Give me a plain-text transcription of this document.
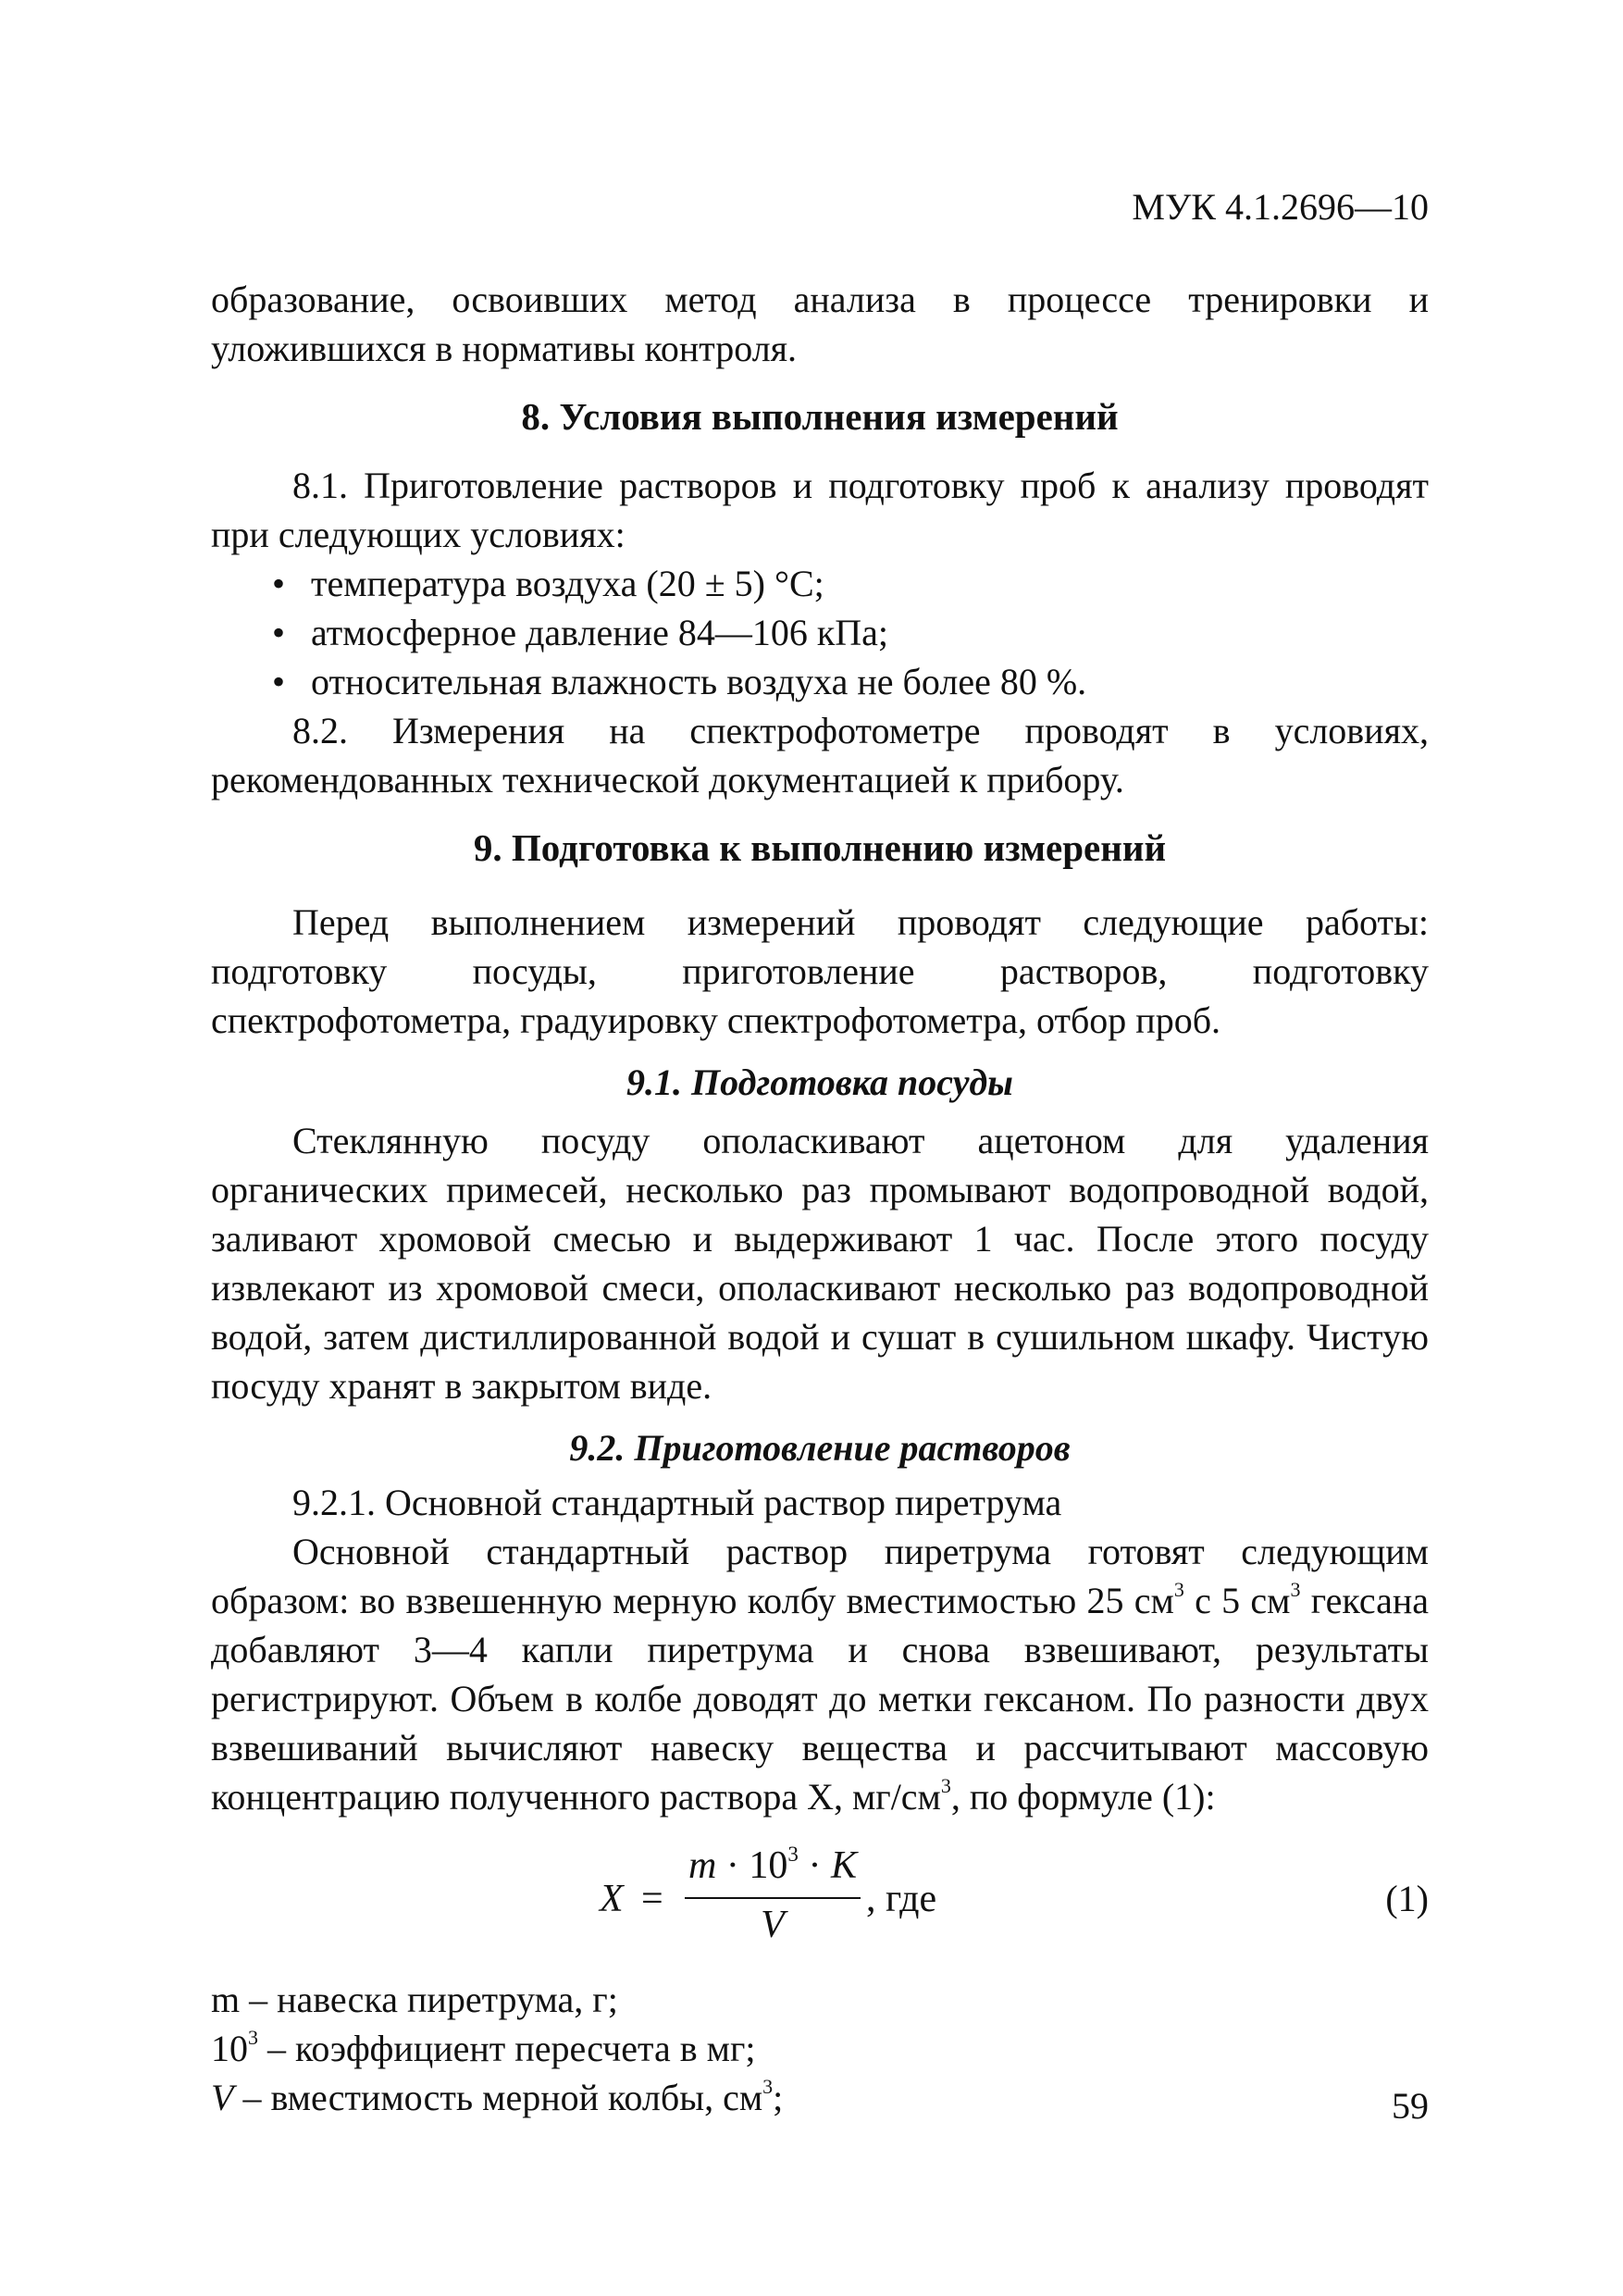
МУК 4.1.2696—10

образование, освоивших метод анализа в процессе тренировки и уложившихся в нормативы контроля.

8. Условия выполнения измерений

8.1. Приготовление растворов и подготовку проб к анализу проводят при следующих условиях:

• температура воздуха (20 ± 5) °С;
• атмосферное давление 84—106 кПа;
• относительная влажность воздуха не более 80 %.

8.2. Измерения на спектрофотометре проводят в условиях, рекомендованных технической документацией к прибору.

9. Подготовка к выполнению измерений

Перед выполнением измерений проводят следующие работы: подготовку посуды, приготовление растворов, подготовку спектрофотометра, градуировку спектрофотометра, отбор проб.

9.1. Подготовка посуды

Стеклянную посуду ополаскивают ацетоном для удаления органических примесей, несколько раз промывают водопроводной водой, заливают хромовой смесью и выдерживают 1 час. После этого посуду извлекают из хромовой смеси, ополаскивают несколько раз водопроводной водой, затем дистиллированной водой и сушат в сушильном шкафу. Чистую посуду хранят в закрытом виде.

9.2. Приготовление растворов

9.2.1. Основной стандартный раствор пиретрума

Основной стандартный раствор пиретрума готовят следующим образом: во взвешенную мерную колбу вместимостью 25 $см^3$ с 5 $см^3$ гексана добавляют 3—4 капли пиретрума и снова взвешивают, результаты регистрируют. Объем в колбе доводят до метки гексаном. По разности двух взвешиваний вычисляют навеску вещества и рассчитывают массовую концентрацию полученного раствора Х, $мг/см^3$, по формуле (1):

X =
$m \cdot 10^3 \cdot K$
V
, где	(1)

m – навеска пиретрума, г;

$10^3$ – коэффициент пересчета в мг;

V – вместимость мерной колбы, $см^3$;	59
